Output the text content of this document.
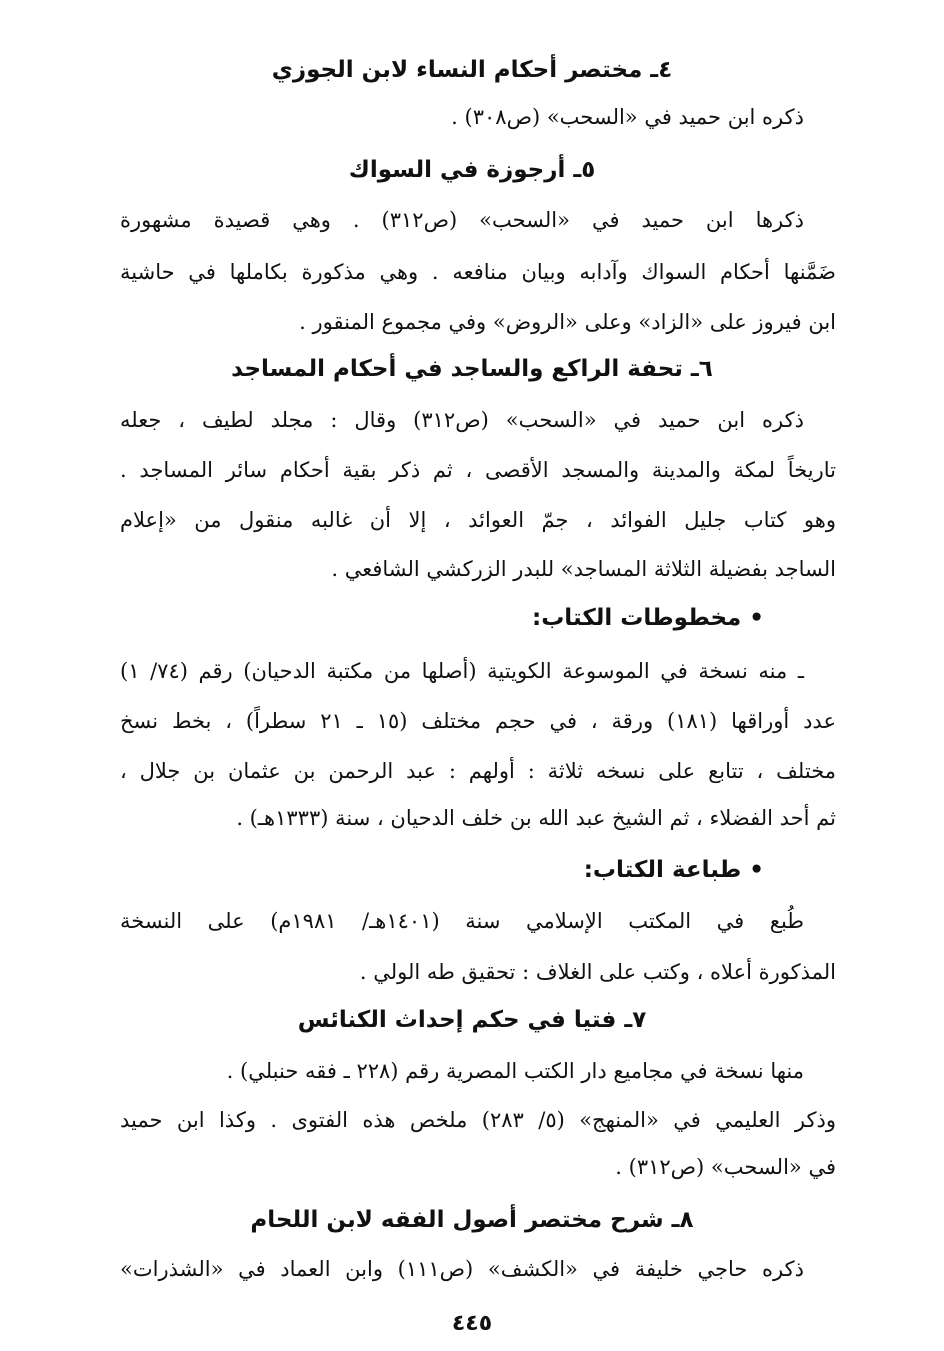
٤ـ مختصر أحكام النساء لابن الجوزي
ذكره ابن حميد في «السحب» (ص٣٠٨) .
٥ـ أرجوزة في السواك
ذكرها ابن حميد في «السحب» (ص٣١٢) . وهي قصيدة مشهورة
ضَمَّنها أحكام السواك وآدابه وبيان منافعه . وهي مذكورة بكاملها في حاشية
ابن فيروز على «الزاد» وعلى «الروض» وفي مجموع المنقور .
٦ـ تحفة الراكع والساجد في أحكام المساجد
ذكره ابن حميد في «السحب» (ص٣١٢) وقال : مجلد لطيف ، جعله
تاريخاً لمكة والمدينة والمسجد الأقصى ، ثم ذكر بقية أحكام سائر المساجد .
وهو كتاب جليل الفوائد ، جمّ العوائد ، إلا أن غالبه منقول من «إعلام
الساجد بفضيلة الثلاثة المساجد» للبدر الزركشي الشافعي .
• مخطوطات الكتاب:
ـ منه نسخة في الموسوعة الكويتية (أصلها من مكتبة الدحيان) رقم (٧٤/ ١)
عدد أوراقها (١٨١) ورقة ، في حجم مختلف (١٥ ـ ٢١ سطراً) ، بخط نسخ
مختلف ، تتابع على نسخه ثلاثة : أولهم : عبد الرحمن بن عثمان بن جلال ،
ثم أحد الفضلاء ، ثم الشيخ عبد الله بن خلف الدحيان ، سنة (١٣٣٣هـ) .
• طباعة الكتاب:
طُبع في المكتب الإسلامي سنة (١٤٠١هـ/ ١٩٨١م) على النسخة
المذكورة أعلاه ، وكتب على الغلاف : تحقيق طه الولي .
٧ـ فتيا في حكم إحداث الكنائس
منها نسخة في مجاميع دار الكتب المصرية رقم (٢٢٨ ـ فقه حنبلي) .
وذكر العليمي في «المنهج» (٥/ ٢٨٣) ملخص هذه الفتوى . وكذا ابن حميد
في «السحب» (ص٣١٢) .
٨ـ شرح مختصر أصول الفقه لابن اللحام
ذكره حاجي خليفة في «الكشف» (ص١١١) وابن العماد في «الشذرات»
٤٤٥
